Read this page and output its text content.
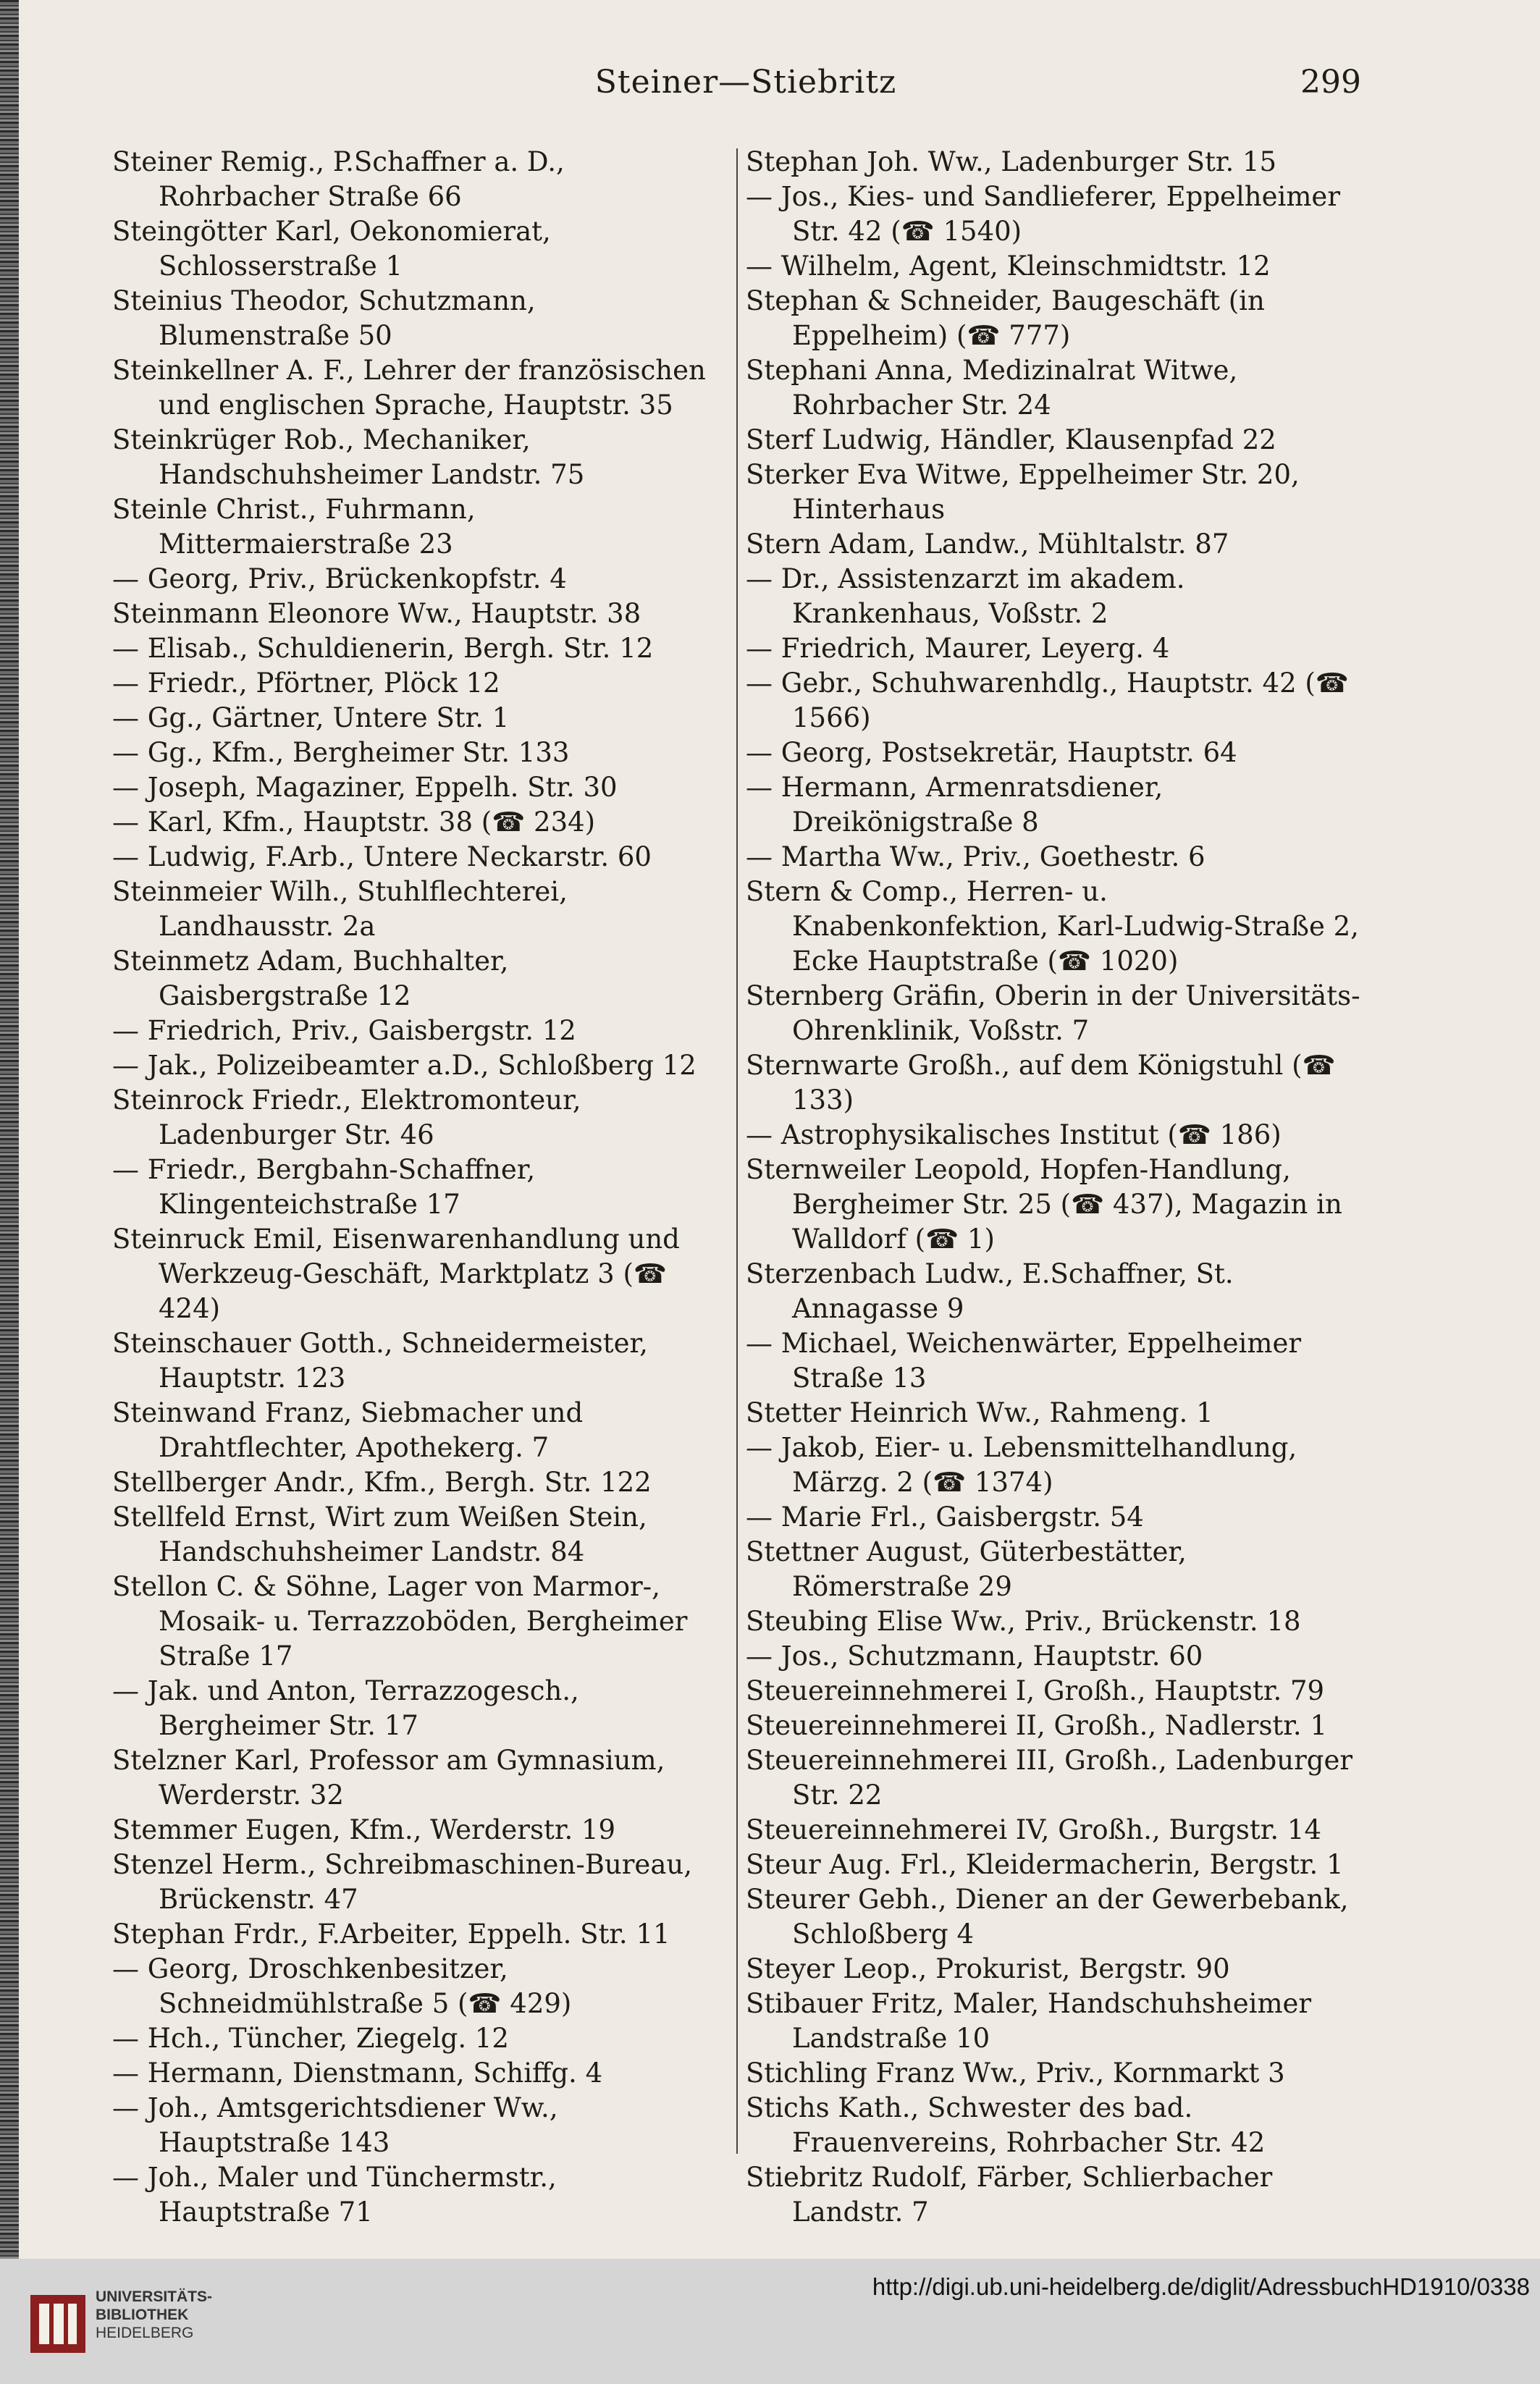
Steiner—Stiebritz	299

Steiner Remig., P.Schaffner a. D., Rohrbacher Straße 66

Steingötter Karl, Oekonomierat, Schlosserstraße 1

Steinius Theodor, Schutzmann, Blumenstraße 50

Steinkellner A. F., Lehrer der französischen und englischen Sprache, Hauptstr. 35

Steinkrüger Rob., Mechaniker, Handschuhsheimer Landstr. 75

Steinle Christ., Fuhrmann, Mittermaierstraße 23

— Georg, Priv., Brückenkopfstr. 4

Steinmann Eleonore Ww., Hauptstr. 38

— Elisab., Schuldienerin, Bergh. Str. 12

— Friedr., Pförtner, Plöck 12

— Gg., Gärtner, Untere Str. 1

— Gg., Kfm., Bergheimer Str. 133

— Joseph, Magaziner, Eppelh. Str. 30

— Karl, Kfm., Hauptstr. 38 (☎ 234)

— Ludwig, F.Arb., Untere Neckarstr. 60

Steinmeier Wilh., Stuhlflechterei, Landhausstr. 2a

Steinmetz Adam, Buchhalter, Gaisbergstraße 12

— Friedrich, Priv., Gaisbergstr. 12

— Jak., Polizeibeamter a.D., Schloßberg 12

Steinrock Friedr., Elektromonteur, Ladenburger Str. 46

— Friedr., Bergbahn-Schaffner, Klingenteichstraße 17

Steinruck Emil, Eisenwarenhandlung und Werkzeug-Geschäft, Marktplatz 3 (☎ 424)

Steinschauer Gotth., Schneidermeister, Hauptstr. 123

Steinwand Franz, Siebmacher und Drahtflechter, Apothekerg. 7

Stellberger Andr., Kfm., Bergh. Str. 122

Stellfeld Ernst, Wirt zum Weißen Stein, Handschuhsheimer Landstr. 84

Stellon C. & Söhne, Lager von Marmor-, Mosaik- u. Terrazzoböden, Bergheimer Straße 17

— Jak. und Anton, Terrazzogesch., Bergheimer Str. 17

Stelzner Karl, Professor am Gymnasium, Werderstr. 32

Stemmer Eugen, Kfm., Werderstr. 19

Stenzel Herm., Schreibmaschinen-Bureau, Brückenstr. 47

Stephan Frdr., F.Arbeiter, Eppelh. Str. 11

— Georg, Droschkenbesitzer, Schneidmühlstraße 5 (☎ 429)

— Hch., Tüncher, Ziegelg. 12

— Hermann, Dienstmann, Schiffg. 4

— Joh., Amtsgerichtsdiener Ww., Hauptstraße 143

— Joh., Maler und Tünchermstr., Hauptstraße 71

Stephan Joh. Ww., Ladenburger Str. 15

— Jos., Kies- und Sandlieferer, Eppelheimer Str. 42 (☎ 1540)

— Wilhelm, Agent, Kleinschmidtstr. 12

Stephan & Schneider, Baugeschäft (in Eppelheim) (☎ 777)

Stephani Anna, Medizinalrat Witwe, Rohrbacher Str. 24

Sterf Ludwig, Händler, Klausenpfad 22

Sterker Eva Witwe, Eppelheimer Str. 20, Hinterhaus

Stern Adam, Landw., Mühltalstr. 87

— Dr., Assistenzarzt im akadem. Krankenhaus, Voßstr. 2

— Friedrich, Maurer, Leyerg. 4

— Gebr., Schuhwarenhdlg., Hauptstr. 42 (☎ 1566)

— Georg, Postsekretär, Hauptstr. 64

— Hermann, Armenratsdiener, Dreikönigstraße 8

— Martha Ww., Priv., Goethestr. 6

Stern & Comp., Herren- u. Knabenkonfektion, Karl-Ludwig-Straße 2, Ecke Hauptstraße (☎ 1020)

Sternberg Gräfin, Oberin in der Universitäts-Ohrenklinik, Voßstr. 7

Sternwarte Großh., auf dem Königstuhl (☎ 133)

— Astrophysikalisches Institut (☎ 186)

Sternweiler Leopold, Hopfen-Handlung, Bergheimer Str. 25 (☎ 437), Magazin in Walldorf (☎ 1)

Sterzenbach Ludw., E.Schaffner, St. Annagasse 9

— Michael, Weichenwärter, Eppelheimer Straße 13

Stetter Heinrich Ww., Rahmeng. 1

— Jakob, Eier- u. Lebensmittelhandlung, Märzg. 2 (☎ 1374)

— Marie Frl., Gaisbergstr. 54

Stettner August, Güterbestätter, Römerstraße 29

Steubing Elise Ww., Priv., Brückenstr. 18

— Jos., Schutzmann, Hauptstr. 60

Steuereinnehmerei I, Großh., Hauptstr. 79

Steuereinnehmerei II, Großh., Nadlerstr. 1

Steuereinnehmerei III, Großh., Ladenburger Str. 22

Steuereinnehmerei IV, Großh., Burgstr. 14

Steur Aug. Frl., Kleidermacherin, Bergstr. 1

Steurer Gebh., Diener an der Gewerbebank, Schloßberg 4

Steyer Leop., Prokurist, Bergstr. 90

Stibauer Fritz, Maler, Handschuhsheimer Landstraße 10

Stichling Franz Ww., Priv., Kornmarkt 3

Stichs Kath., Schwester des bad. Frauenvereins, Rohrbacher Str. 42

Stiebritz Rudolf, Färber, Schlierbacher Landstr. 7

UNIVERSITÄTS-
BIBLIOTHEK
HEIDELBERG
http://digi.ub.uni-heidelberg.de/diglit/AdressbuchHD1910/0338
